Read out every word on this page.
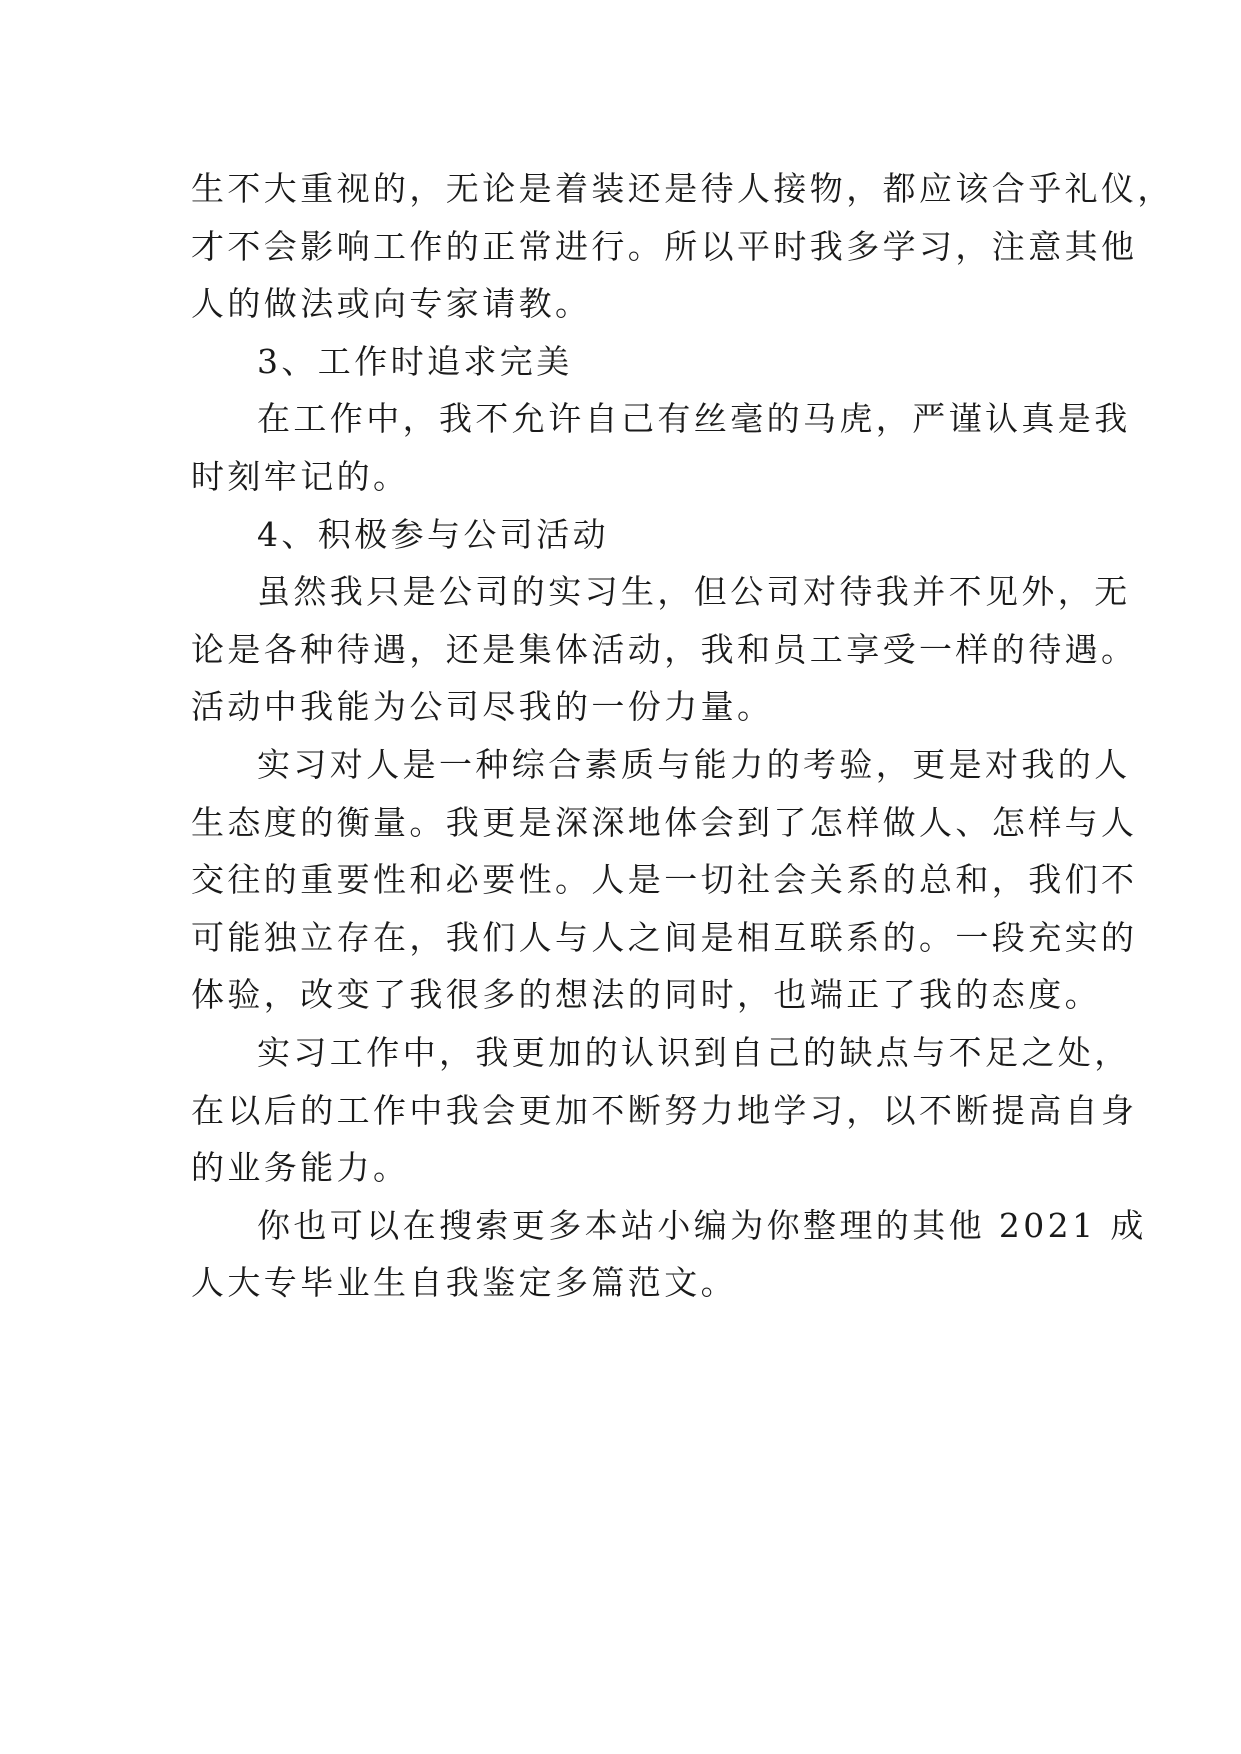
生不大重视的，无论是着装还是待人接物，都应该合乎礼仪，
才不会影响工作的正常进行。所以平时我多学习，注意其他
人的做法或向专家请教。
3、工作时追求完美
在工作中，我不允许自己有丝毫的马虎，严谨认真是我
时刻牢记的。
4、积极参与公司活动
虽然我只是公司的实习生，但公司对待我并不见外，无
论是各种待遇，还是集体活动，我和员工享受一样的待遇。
活动中我能为公司尽我的一份力量。
实习对人是一种综合素质与能力的考验，更是对我的人
生态度的衡量。我更是深深地体会到了怎样做人、怎样与人
交往的重要性和必要性。人是一切社会关系的总和，我们不
可能独立存在，我们人与人之间是相互联系的。一段充实的
体验，改变了我很多的想法的同时，也端正了我的态度。
实习工作中，我更加的认识到自己的缺点与不足之处，
在以后的工作中我会更加不断努力地学习，以不断提高自身
的业务能力。
你也可以在搜索更多本站小编为你整理的其他 2021 成
人大专毕业生自我鉴定多篇范文。
